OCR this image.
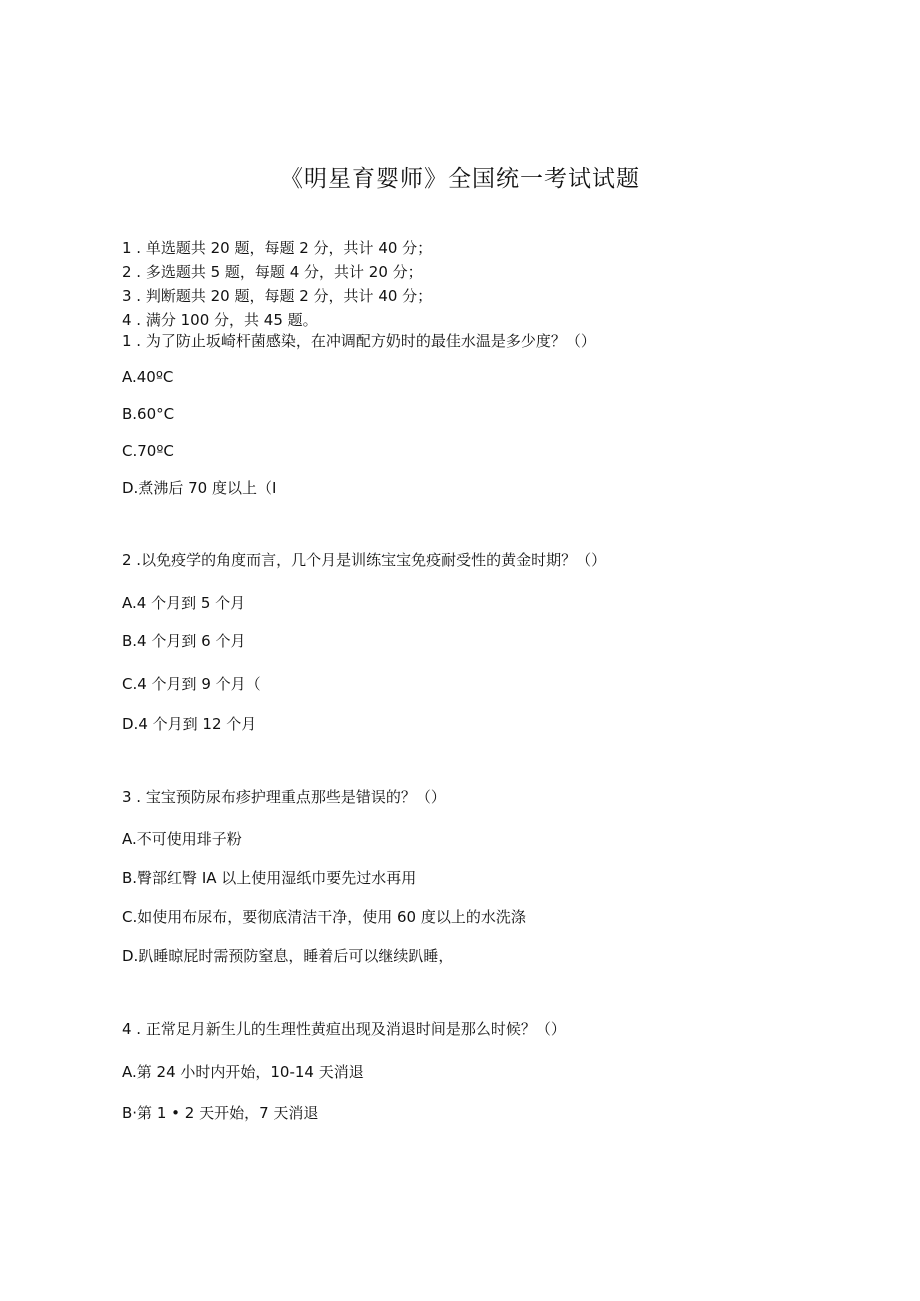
《明星育婴师》全国统一考试试题
1 . 单选题共 20 题，每题 2 分，共计 40 分；
2 . 多选题共 5 题，每题 4 分，共计 20 分；
3 . 判断题共 20 题，每题 2 分，共计 40 分；
4 . 满分 100 分，共 45 题。
1 . 为了防止坂崎杆菌感染，在冲调配方奶时的最佳水温是多少度？（）
A.40ºC
B.60°C
C.70ºC
D.煮沸后 70 度以上（I
2 .以免疫学的角度而言，几个月是训练宝宝免疫耐受性的黄金时期？（）
A.4 个月到 5 个月
B.4 个月到 6 个月
C.4 个月到 9 个月（
D.4 个月到 12 个月
3 . 宝宝预防尿布疹护理重点那些是错误的？（）
A.不可使用琲子粉
B.臀部红臀 IA 以上使用湿纸巾要先过水再用
C.如使用布尿布，要彻底清洁干净，使用 60 度以上的水洗涤
D.趴睡晾屁时需预防窒息，睡着后可以继续趴睡，
4 . 正常足月新生儿的生理性黄疸出现及消退时间是那么时候？（）
A.第 24 小时内开始，10-14 天消退
B·第 1 • 2 天开始，7 天消退
